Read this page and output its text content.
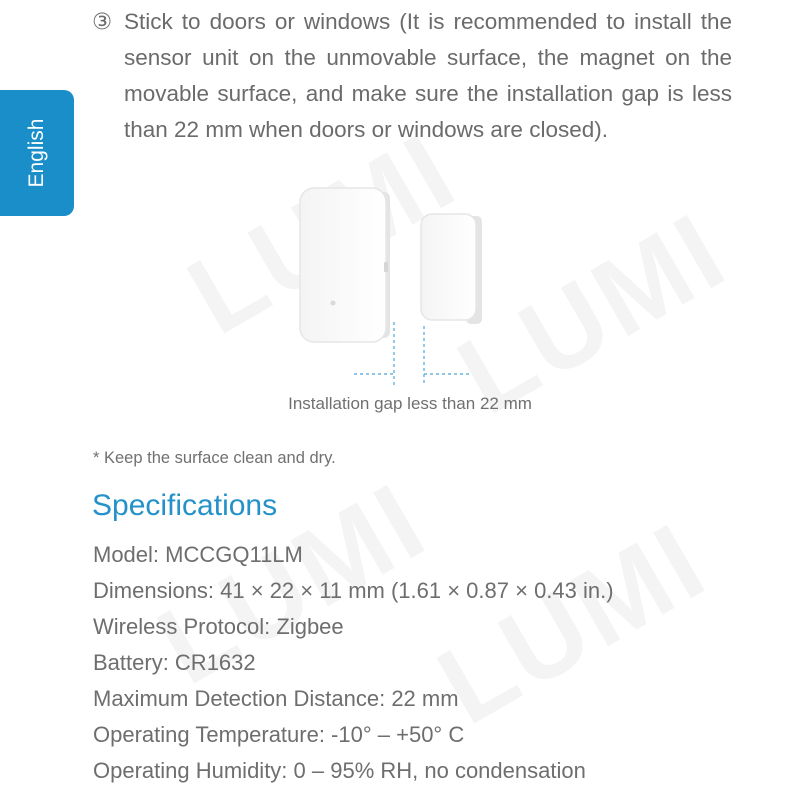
English
③ Stick to doors or windows (It is recommended to install the sensor unit on the unmovable surface, the magnet on the movable surface, and make sure the installation gap is less than 22 mm when doors or windows are closed).
Installation gap less than 22 mm
* Keep the surface clean and dry.
Specifications
Model: MCCGQ11LM
Dimensions: 41 × 22 × 11 mm (1.61 × 0.87 × 0.43 in.)
Wireless Protocol: Zigbee
Battery: CR1632
Maximum Detection Distance: 22 mm
Operating Temperature: -10° – +50° C
Operating Humidity: 0 – 95% RH, no condensation
